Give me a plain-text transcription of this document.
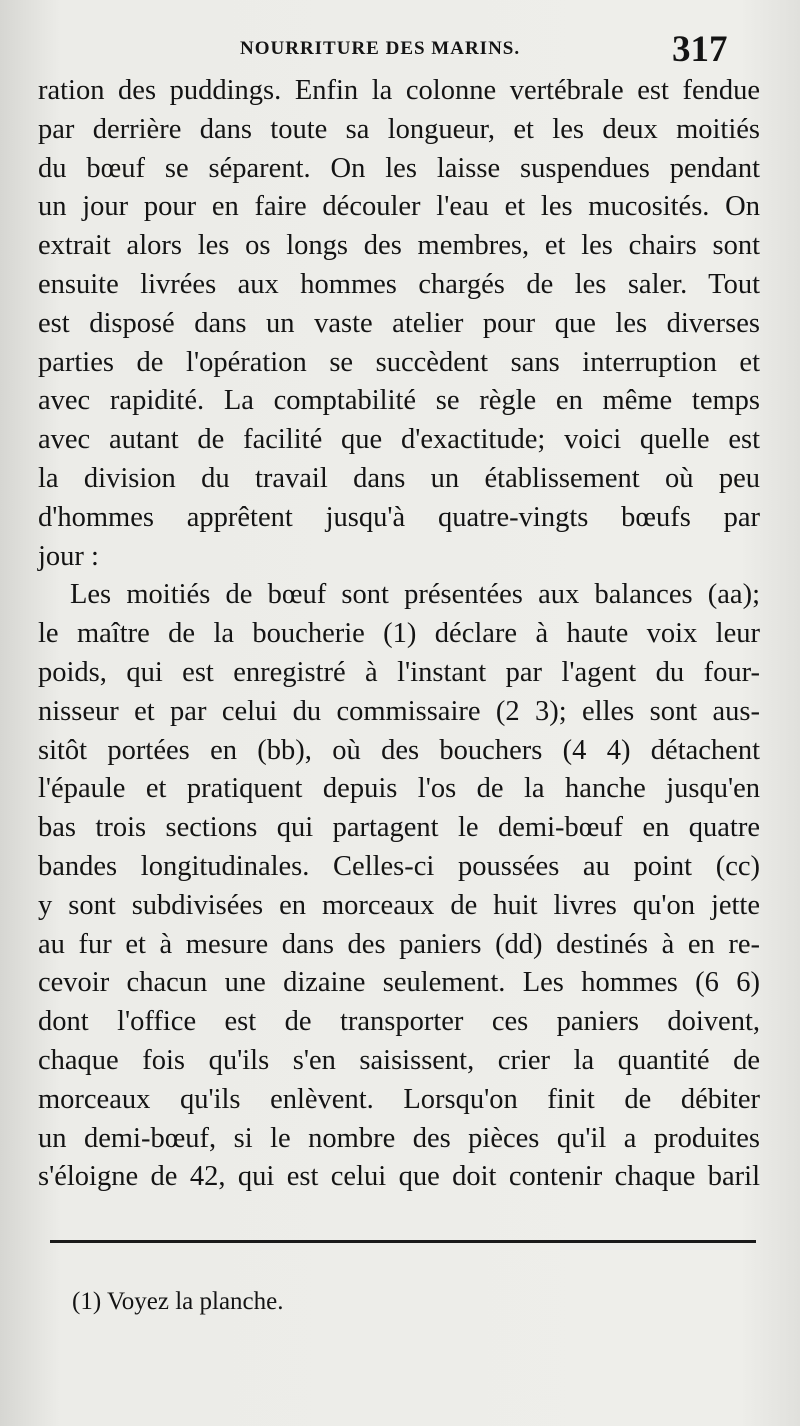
NOURRITURE DES MARINS.	317
ration des puddings. Enfin la colonne vertébrale est fendue
par derrière dans toute sa longueur, et les deux moitiés
du bœuf se séparent. On les laisse suspendues pendant
un jour pour en faire découler l'eau et les mucosités. On
extrait alors les os longs des membres, et les chairs sont
ensuite livrées aux hommes chargés de les saler. Tout
est disposé dans un vaste atelier pour que les diverses
parties de l'opération se succèdent sans interruption et
avec rapidité. La comptabilité se règle en même temps
avec autant de facilité que d'exactitude; voici quelle est
la division du travail dans un établissement où peu
d'hommes apprêtent jusqu'à quatre-vingts bœufs par
jour :
Les moitiés de bœuf sont présentées aux balances (aa);
le maître de la boucherie (1) déclare à haute voix leur
poids, qui est enregistré à l'instant par l'agent du four-
nisseur et par celui du commissaire (2 3); elles sont aus-
sitôt portées en (bb), où des bouchers (4 4) détachent
l'épaule et pratiquent depuis l'os de la hanche jusqu'en
bas trois sections qui partagent le demi-bœuf en quatre
bandes longitudinales. Celles-ci poussées au point (cc)
y sont subdivisées en morceaux de huit livres qu'on jette
au fur et à mesure dans des paniers (dd) destinés à en re-
cevoir chacun une dizaine seulement. Les hommes (6 6)
dont l'office est de transporter ces paniers doivent,
chaque fois qu'ils s'en saisissent, crier la quantité de
morceaux qu'ils enlèvent. Lorsqu'on finit de débiter
un demi-bœuf, si le nombre des pièces qu'il a produites
s'éloigne de 42, qui est celui que doit contenir chaque baril
(1) Voyez la planche.
